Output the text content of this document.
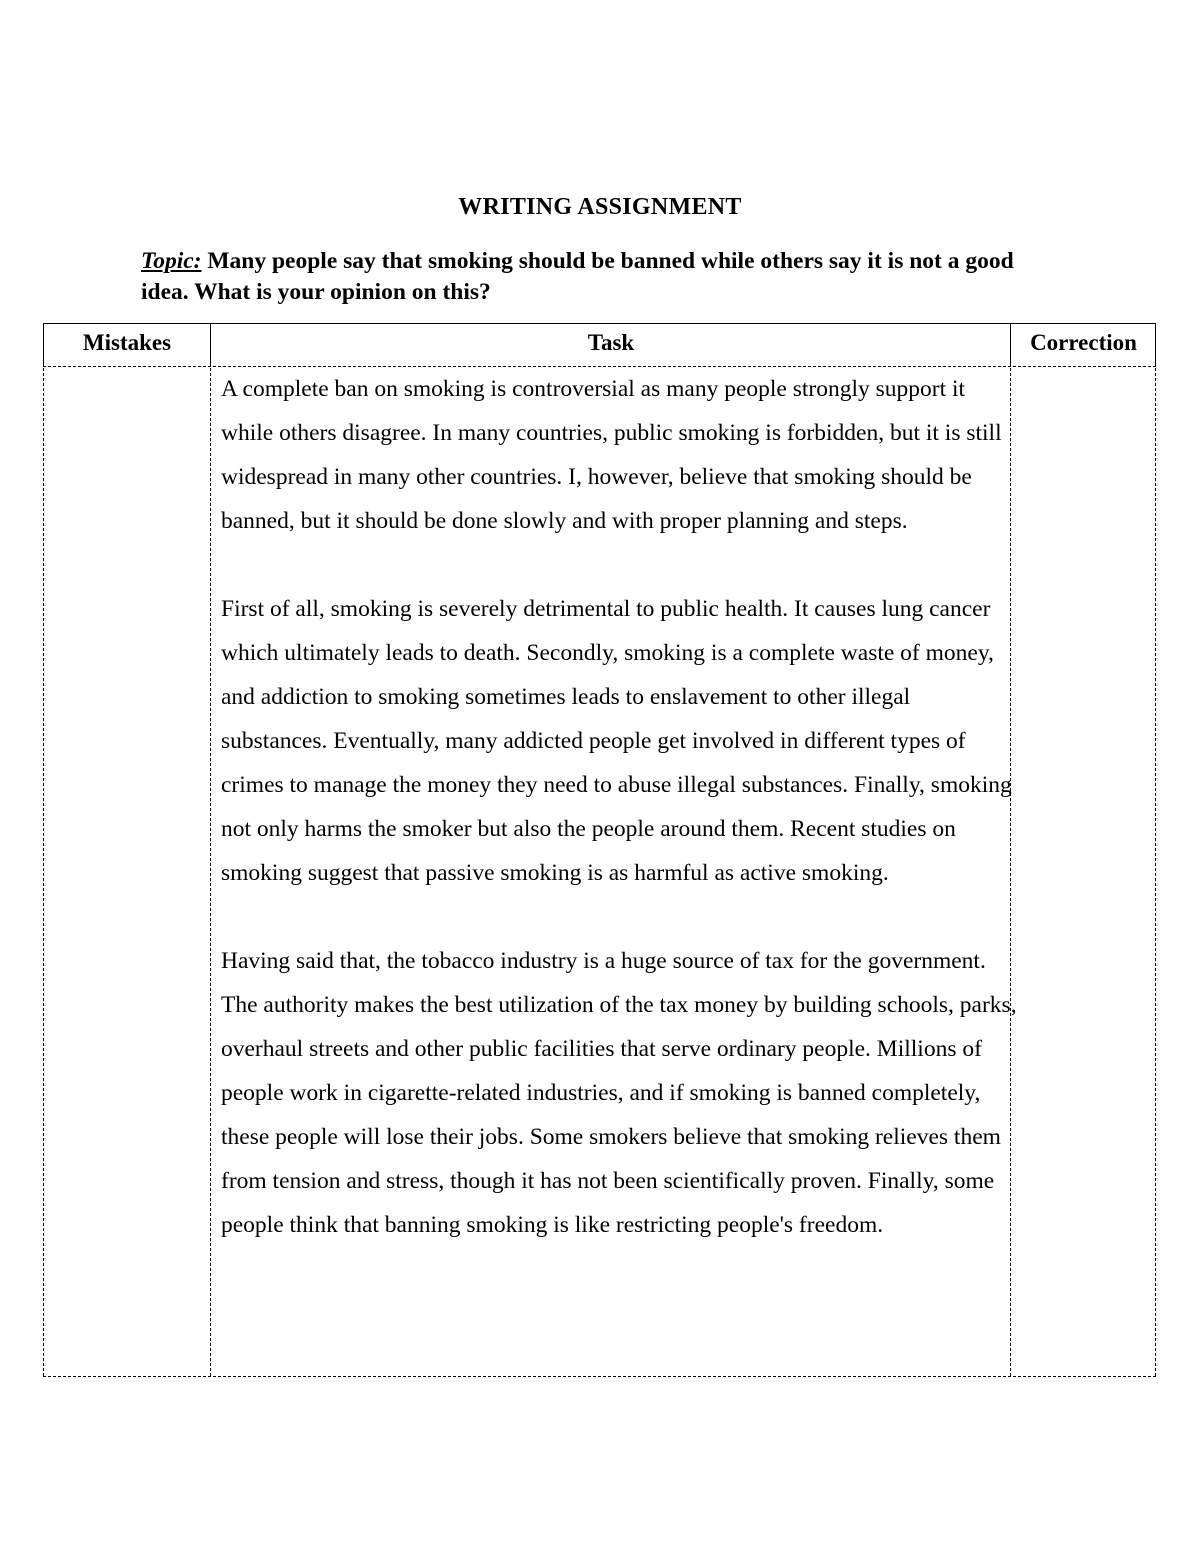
WRITING ASSIGNMENT
Topic: Many people say that smoking should be banned while others say it is not a good idea. What is your opinion on this?
Mistakes	Task	Correction

A complete ban on smoking is controversial as many people strongly support it while others disagree. In many countries, public smoking is forbidden, but it is still widespread in many other countries. I, however, believe that smoking should be banned, but it should be done slowly and with proper planning and steps.

First of all, smoking is severely detrimental to public health. It causes lung cancer which ultimately leads to death. Secondly, smoking is a complete waste of money, and addiction to smoking sometimes leads to enslavement to other illegal substances. Eventually, many addicted people get involved in different types of crimes to manage the money they need to abuse illegal substances. Finally, smoking not only harms the smoker but also the people around them. Recent studies on smoking suggest that passive smoking is as harmful as active smoking.

Having said that, the tobacco industry is a huge source of tax for the government. The authority makes the best utilization of the tax money by building schools, parks, overhaul streets and other public facilities that serve ordinary people. Millions of people work in cigarette-related industries, and if smoking is banned completely, these people will lose their jobs. Some smokers believe that smoking relieves them from tension and stress, though it has not been scientifically proven. Finally, some people think that banning smoking is like restricting people's freedom.
